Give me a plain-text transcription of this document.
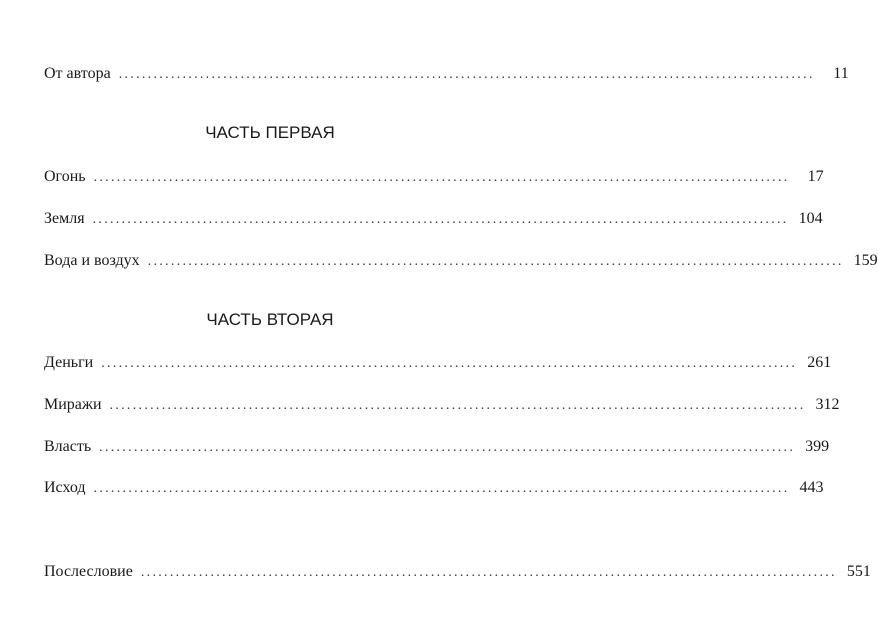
От автора ........................................................................................................................	11
ЧАСТЬ ПЕРВАЯ
Огонь ........................................................................................................................	17
Земля ........................................................................................................................ 104
Вода и воздух ........................................................................................................................ 159
ЧАСТЬ ВТОРАЯ
Деньги ........................................................................................................................ 261
Миражи ........................................................................................................................ 312
Власть ........................................................................................................................ 399
Исход ........................................................................................................................ 443
Послесловие ........................................................................................................................ 551
